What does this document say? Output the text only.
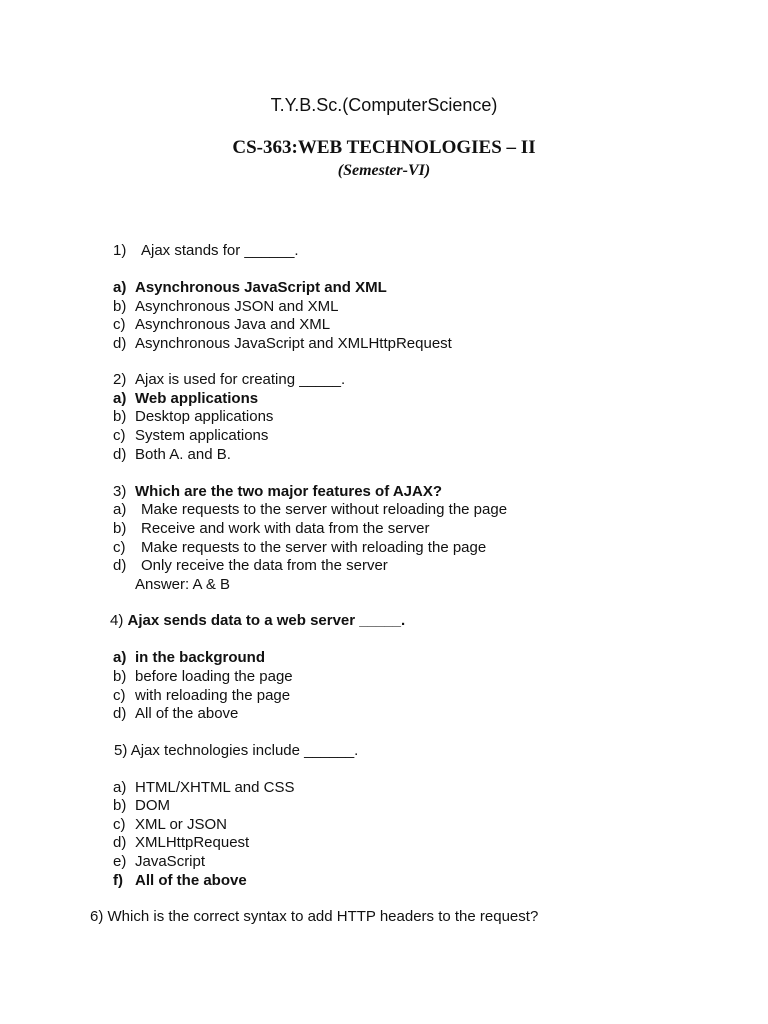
T.Y.B.Sc.(ComputerScience)
CS-363:WEB TECHNOLOGIES – II
(Semester-VI)
1) Ajax stands for ______.
a) Asynchronous JavaScript and XML
b) Asynchronous JSON and XML
c) Asynchronous Java and XML
d) Asynchronous JavaScript and XMLHttpRequest
2) Ajax is used for creating _____.
a) Web applications
b) Desktop applications
c) System applications
d) Both A. and B.
3) Which are the two major features of AJAX?
a) Make requests to the server without reloading the page
b) Receive and work with data from the server
c) Make requests to the server with reloading the page
d) Only receive the data from the server
Answer: A & B
4) Ajax sends data to a web server _____.
a) in the background
b) before loading the page
c) with reloading the page
d) All of the above
5) Ajax technologies include ______.
a) HTML/XHTML and CSS
b) DOM
c) XML or JSON
d) XMLHttpRequest
e) JavaScript
f) All of the above
6) Which is the correct syntax to add HTTP headers to the request?
